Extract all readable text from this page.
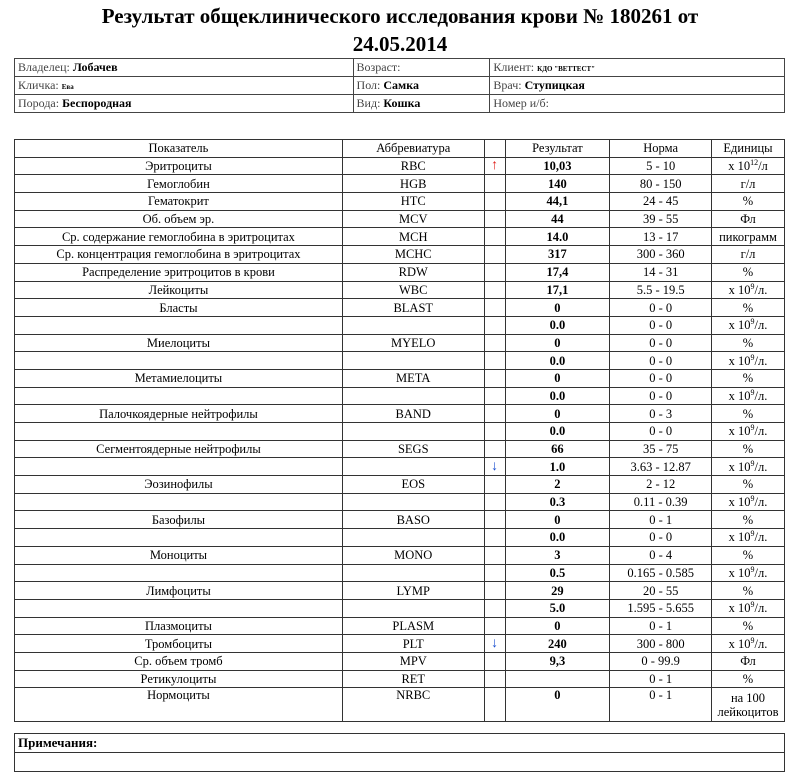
Результат общеклинического исследования крови № 180261 от
24.05.2014
Владелец: Лобачев	Возраст:	Клиент: КДО "ВЕТТЕСТ"
Кличка: Ева	Пол: Самка	Врач: Ступицкая
Порода: Беспородная	Вид: Кошка	Номер и/б:
Показатель	Аббревиатура		Результат	Норма	Единицы
Эритроциты	RBC	↑	10,03	5 - 10	x $10^{12}/л$
Гемоглобин	HGB		140	80 - 150	г/л
Гематокрит	HTC		44,1	24 - 45	%
Об. объем эр.	MCV		44	39 - 55	Фл
Ср. содержание гемоглобина в эритроцитах	MCH		14.0	13 - 17	пикограмм
Ср. концентрация гемоглобина в эритроцитах	MCHC		317	300 - 360	г/л
Распределение эритроцитов в крови	RDW		17,4	14 - 31	%
Лейкоциты	WBC		17,1	5.5 - 19.5	x $10^9/л$.
Бласты	BLAST		0	0 - 0	%
			0.0	0 - 0	x $10^9/л$.
Миелоциты	MYELO		0	0 - 0	%
			0.0	0 - 0	x $10^9/л$.
Метамиелоциты	META		0	0 - 0	%
			0.0	0 - 0	x $10^9/л$.
Палочкоядерные нейтрофилы	BAND		0	0 - 3	%
			0.0	0 - 0	x $10^9/л$.
Сегментоядерные нейтрофилы	SEGS		66	35 - 75	%
		↓	1.0	3.63 - 12.87	x $10^9/л$.
Эозинофилы	EOS		2	2 - 12	%
			0.3	0.11 - 0.39	x $10^9/л$.
Базофилы	BASO		0	0 - 1	%
			0.0	0 - 0	x $10^9/л$.
Моноциты	MONO		3	0 - 4	%
			0.5	0.165 - 0.585	x $10^9/л$.
Лимфоциты	LYMP		29	20 - 55	%
			5.0	1.595 - 5.655	x $10^9/л$.
Плазмоциты	PLASM		0	0 - 1	%
Тромбоциты	PLT	↓	240	300 - 800	x $10^9/л$.
Ср. объем тромб	MPV		9,3	0 - 99.9	Фл
Ретикулоциты	RET			0 - 1	%
Нормоциты	NRBC		0	0 - 1	на 100
лейкоцитов
Примечания:
